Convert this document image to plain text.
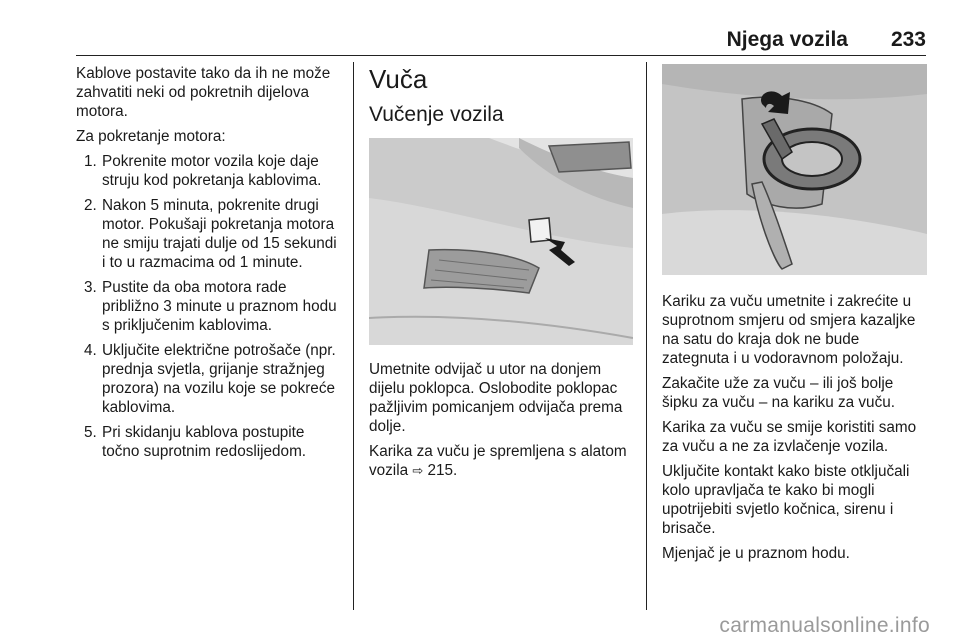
Njega vozila 233

Kablove postavite tako da ih ne može zahvatiti neki od pokretnih dijelova motora.

Za pokretanje motora:

1. Pokrenite motor vozila koje daje struju kod pokretanja kablovima.
2. Nakon 5 minuta, pokrenite drugi motor. Pokušaji pokretanja motora ne smiju trajati dulje od 15 sekundi i to u razmacima od 1 minute.
3. Pustite da oba motora rade približno 3 minute u praznom hodu s priključenim kablovima.
4. Uključite električne potrošače (npr. prednja svjetla, grijanje stražnjeg prozora) na vozilu koje se pokreće kablovima.
5. Pri skidanju kablova postupite točno suprotnim redoslijedom.
Vuča
Vučenje vozila

Umetnite odvijač u utor na donjem dijelu poklopca. Oslobodite poklopac pažljivim pomicanjem odvijača prema dolje.

Karika za vuču je spremljena s alatom vozila ⇨ 215.

Kariku za vuču umetnite i zakrećite u suprotnom smjeru od smjera kazaljke na satu do kraja dok ne bude zategnuta i u vodoravnom položaju.

Zakačite uže za vuču – ili još bolje šipku za vuču – na kariku za vuču.

Karika za vuču se smije koristiti samo za vuču a ne za izvlačenje vozila.

Uključite kontakt kako biste otključali kolo upravljača te kako bi mogli upotrijebiti svjetlo kočnica, sirenu i brisače.

Mjenjač je u praznom hodu.

carmanualsonline.info
